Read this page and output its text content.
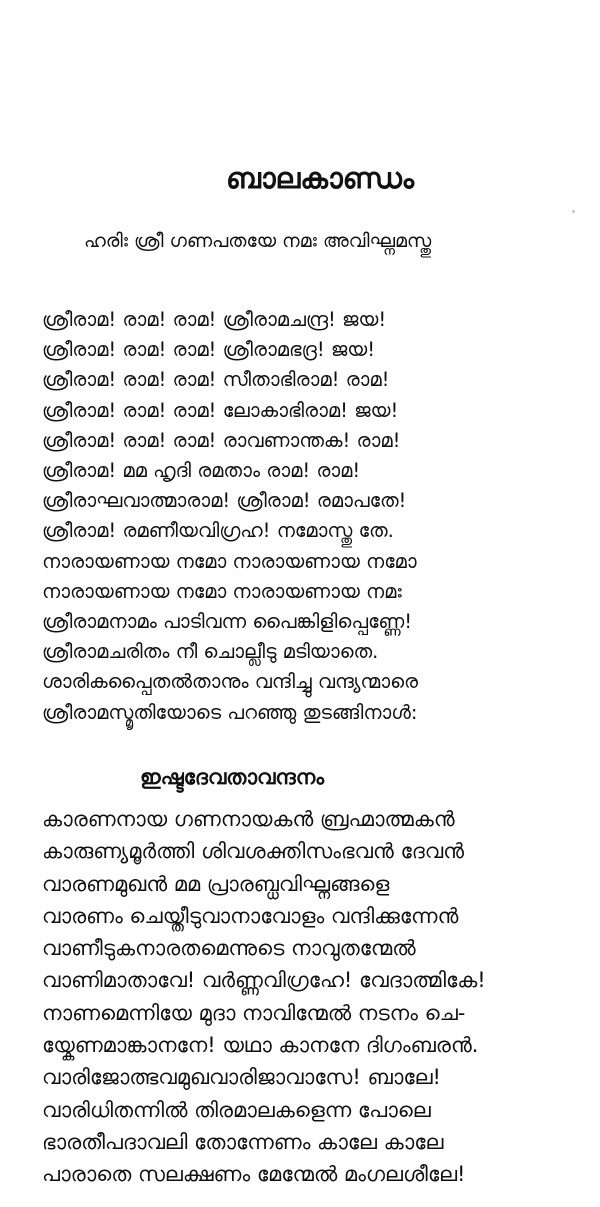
ബാലകാണ്ഡം
ഹരിഃ ശ്രീ ഗണപതയേ നമഃ അവിഘ്നമസ്തു
ശ്രീരാമ! രാമ! രാമ! ശ്രീരാമചന്ദ്ര! ജയ!
ശ്രീരാമ! രാമ! രാമ! ശ്രീരാമഭദ്ര! ജയ!
ശ്രീരാമ! രാമ! രാമ! സീതാഭിരാമ! രാമ!
ശ്രീരാമ! രാമ! രാമ! ലോകാഭിരാമ! ജയ!
ശ്രീരാമ! രാമ! രാമ! രാവണാന്തക! രാമ!
ശ്രീരാമ! മമ ഹൃദി രമതാം രാമ! രാമ!
ശ്രീരാഘവാത്മാരാമ! ശ്രീരാമ! രമാപതേ!
ശ്രീരാമ! രമണീയവിഗ്രഹ! നമോസ്തു തേ.
നാരായണായ നമോ നാരായണായ നമോ
നാരായണായ നമോ നാരായണായ നമഃ
ശ്രീരാമനാമം പാടിവന്ന പൈങ്കിളിപ്പെണ്ണേ!
ശ്രീരാമചരിതം നീ ചൊല്ലീടു മടിയാതെ.
ശാരികപ്പൈതൽതാനും വന്ദിച്ചു വന്ദ്യന്മാരെ
ശ്രീരാമസ്മൃതിയോടെ പറഞ്ഞു തുടങ്ങിനാൾ:
ഇഷ്ടദേവതാവന്ദനം
കാരണനായ ഗണനായകൻ ബ്രഹ്മാത്മകൻ
കാരുണ്യമൂർത്തി ശിവശക്തിസംഭവൻ ദേവൻ
വാരണമുഖൻ മമ പ്രാരബ്ധവിഘ്നങ്ങളെ
വാരണം ചെയ്തീടുവാനാവോളം വന്ദിക്കുന്നേൻ
വാണീടുകനാരതമെന്നുടെ നാവുതന്മേൽ
വാണിമാതാവേ! വർണ്ണവിഗ്രഹേ! വേദാത്മികേ!
നാണമെന്നിയേ മുദാ നാവിന്മേൽ നടനം ചെ-
യ്കേണമാങ്കാനനേ! യഥാ കാനനേ ദിഗംബരൻ.
വാരിജോത്ഭവമുഖവാരിജാവാസേ! ബാലേ!
വാരിധിതന്നിൽ തിരമാലകളെന്ന പോലെ
ഭാരതീപദാവലി തോന്നേണം കാലേ കാലേ
പാരാതെ സലക്ഷണം മേന്മേൽ മംഗലശീലേ!
